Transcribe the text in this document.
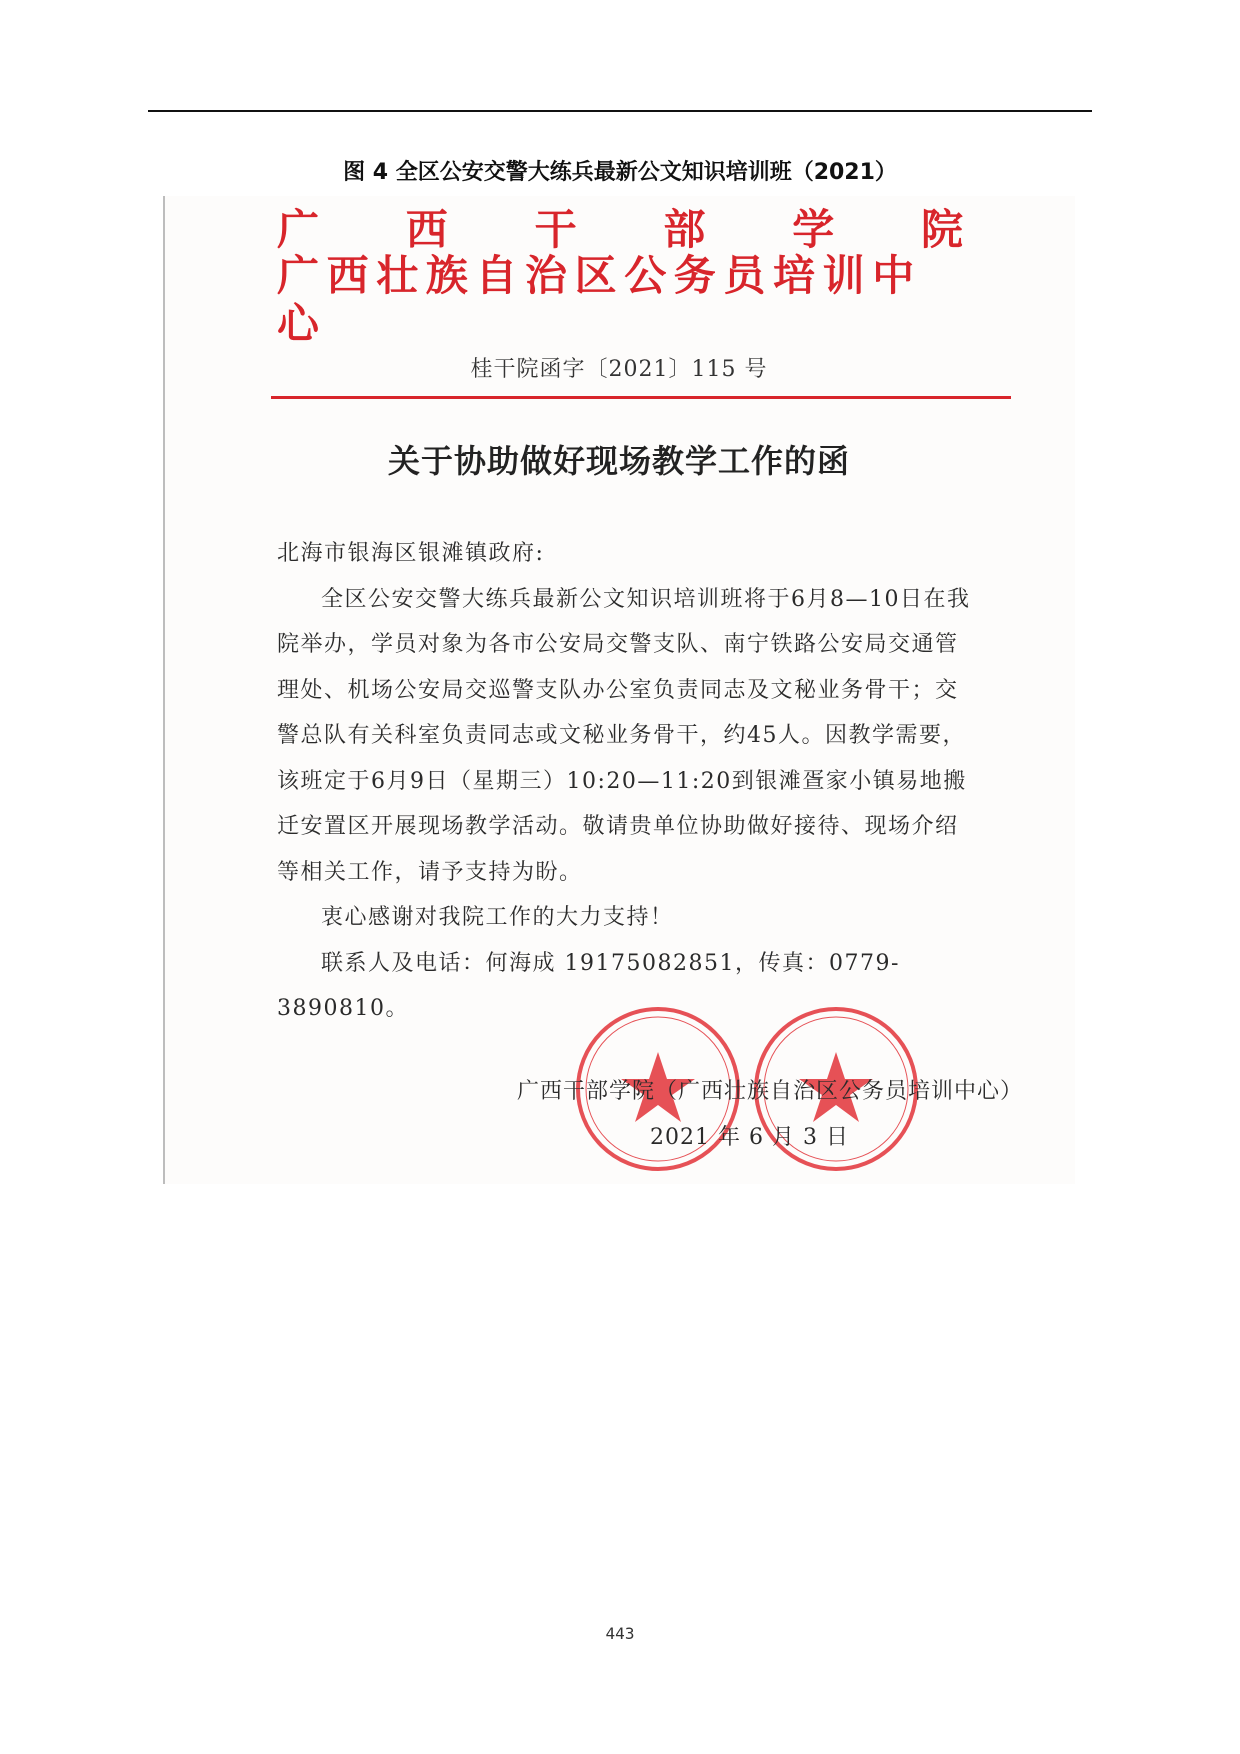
图 4 全区公安交警大练兵最新公文知识培训班（2021）
广 西 干 部 学 院
广西壮族自治区公务员培训中心
桂干院函字〔2021〕115 号
关于协助做好现场教学工作的函

北海市银海区银滩镇政府:

全区公安交警大练兵最新公文知识培训班将于6月8—10日在我院举办，学员对象为各市公安局交警支队、南宁铁路公安局交通管理处、机场公安局交巡警支队办公室负责同志及文秘业务骨干；交警总队有关科室负责同志或文秘业务骨干，约45人。因教学需要，该班定于6月9日（星期三）10:20—11:20到银滩疍家小镇易地搬迁安置区开展现场教学活动。敬请贵单位协助做好接待、现场介绍等相关工作，请予支持为盼。

衷心感谢对我院工作的大力支持！

联系人及电话：何海成 19175082851，传真：0779-3890810。

广西干部学院（广西壮族自治区公务员培训中心）
2021 年 6 月 3 日
443
